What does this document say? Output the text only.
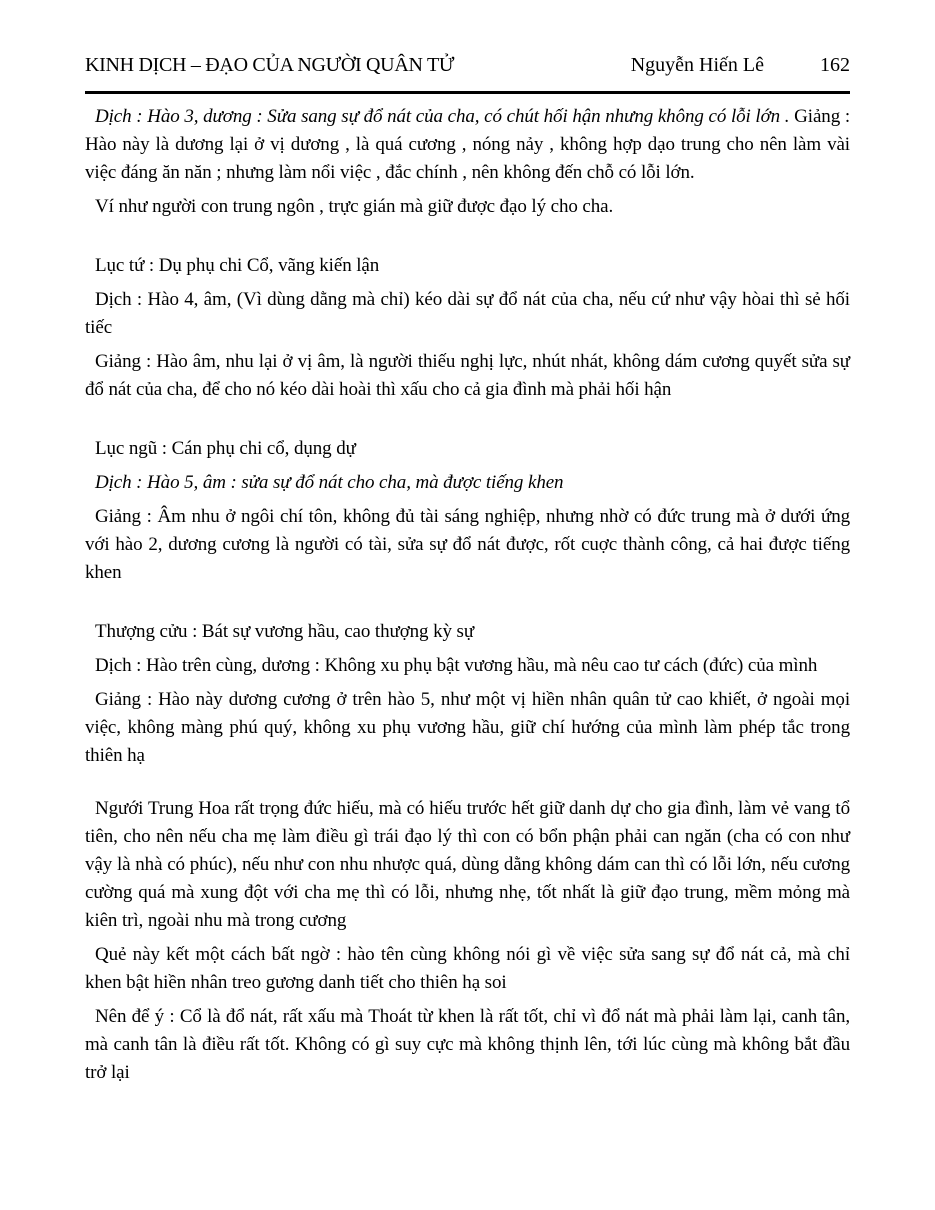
KINH DỊCH – ĐẠO CỦA NGƯỜI QUÂN TỬ	Nguyễn Hiến Lê	162

Dịch : Hào 3, dương : Sửa sang sự đổ nát của cha, có chút hối hận nhưng không có lỗi lớn . Giảng : Hào này là dương lại ở vị dương , là quá cương , nóng nảy , không hợp dạo trung cho nên làm vài việc đáng ăn năn ; nhưng làm nổi việc , đắc chính , nên không đến chỗ có lỗi lớn.

Ví như người con trung ngôn , trực gián mà giữ được đạo lý cho cha.

Lục tứ : Dụ phụ chi Cổ, vãng kiến lận

Dịch : Hào 4, âm, (Vì dùng dằng mà chỉ) kéo dài sự đổ nát của cha, nếu cứ như vậy hòai thì sẻ hối tiếc

Giảng : Hào âm, nhu lại ở vị âm, là người thiếu nghị lực, nhút nhát, không dám cương quyết sửa sự đổ nát của cha, để cho nó kéo dài hoài thì xấu cho cả gia đình mà phải hối hận

Lục ngũ : Cán phụ chi cổ, dụng dự

Dịch : Hào 5, âm : sửa sự đổ nát cho cha, mà được tiếng khen

Giảng : Âm nhu ở ngôi chí tôn, không đủ tài sáng nghiệp, nhưng nhờ có đức trung mà ở dưới ứng với hào 2, dương cương là người có tài, sửa sự đổ nát được, rốt cuợc thành công, cả hai được tiếng khen

Thượng cửu : Bát sự vương hầu, cao thượng kỳ sự

Dịch : Hào trên cùng, dương : Không xu phụ bật vương hầu, mà nêu cao tư cách (đức) của mình

Giảng : Hào này dương cương ở trên hào 5, như một vị hiền nhân quân tử cao khiết, ở ngoài mọi việc, không màng phú quý, không xu phụ vương hầu, giữ chí hướng của mình làm phép tắc trong thiên hạ

Ngưới Trung Hoa rất trọng đức hiếu, mà có hiếu trước hết giữ danh dự cho gia đình, làm vẻ vang tổ tiên, cho nên nếu cha mẹ làm điều gì trái đạo lý thì con có bổn phận phải can ngăn (cha có con như vậy là nhà có phúc), nếu như con nhu nhược quá, dùng dằng không dám can thì có lỗi lớn, nếu cương cường quá mà xung đột với cha mẹ thì có lỗi, nhưng nhẹ, tốt nhất là giữ đạo trung, mềm mỏng mà kiên trì, ngoài nhu mà trong cương

Quẻ này kết một cách bất ngờ : hào tên cùng không nói gì về việc sửa sang sự đổ nát cả, mà chỉ khen bật hiền nhân treo gương danh tiết cho thiên hạ soi

Nên để ý : Cổ là đổ nát, rất xấu mà Thoát từ khen là rất tốt, chỉ vì đổ nát mà phải làm lại, canh tân, mà canh tân là điều rất tốt. Không có gì suy cực mà không thịnh lên, tới lúc cùng mà không bắt đầu trở lại
